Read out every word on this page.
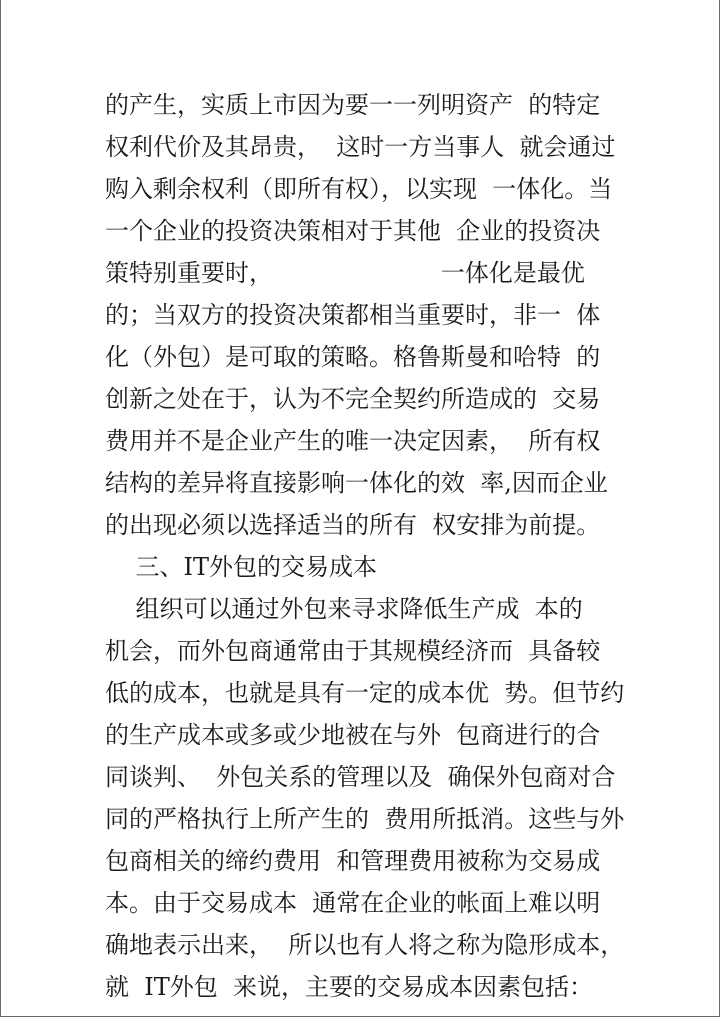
的产生，实质上市因为要一一列明资产  的特定
权利代价及其昂贵，  这时一方当事人  就会通过
购入剩余权利（即所有权），以实现  一体化。当
一个企业的投资决策相对于其他  企业的投资决
策特别重要时，                      一体化是最优
的；当双方的投资决策都相当重要时，非一  体
化（外包）是可取的策略。格鲁斯曼和哈特  的
创新之处在于，认为不完全契约所造成的  交易
费用并不是企业产生的唯一决定因素，  所有权
结构的差异将直接影响一体化的效  率,因而企业
的出现必须以选择适当的所有  权安排为前提。
三、IT外包的交易成本
组织可以通过外包来寻求降低生产成  本的
机会，而外包商通常由于其规模经济而  具备较
低的成本，也就是具有一定的成本优  势。但节约
的生产成本或多或少地被在与外  包商进行的合
同谈判、  外包关系的管理以及  确保外包商对合
同的严格执行上所产生的  费用所抵消。这些与外
包商相关的缔约费用  和管理费用被称为交易成
本。由于交易成本  通常在企业的帐面上难以明
确地表示出来，  所以也有人将之称为隐形成本，
就  IT外包  来说，主要的交易成本因素包括：
